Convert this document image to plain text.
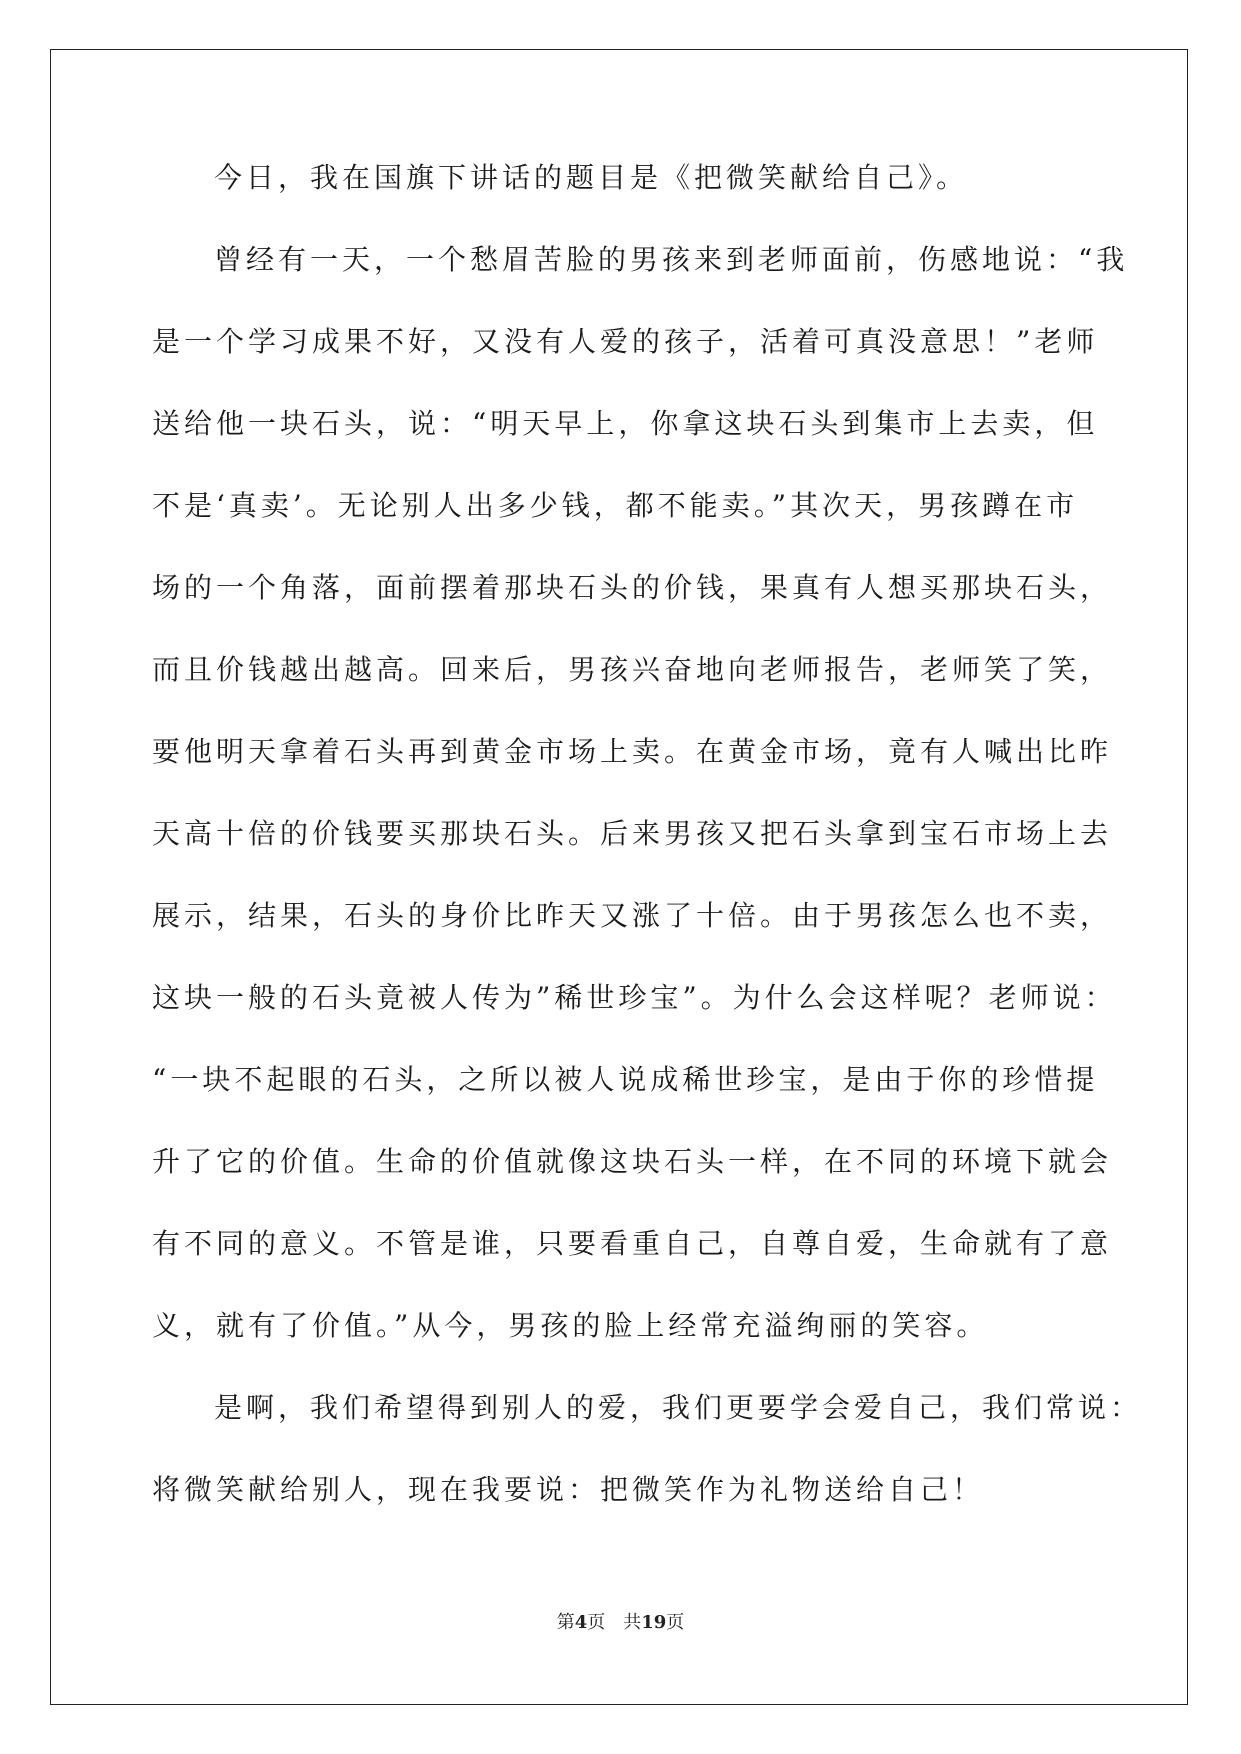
今日，我在国旗下讲话的题目是《把微笑献给自己》。
曾经有一天，一个愁眉苦脸的男孩来到老师面前，伤感地说：“我
是一个学习成果不好，又没有人爱的孩子，活着可真没意思！”老师
送给他一块石头，说：“明天早上，你拿这块石头到集市上去卖，但
不是‘真卖’。无论别人出多少钱，都不能卖。”其次天，男孩蹲在市
场的一个角落，面前摆着那块石头的价钱，果真有人想买那块石头，
而且价钱越出越高。回来后，男孩兴奋地向老师报告，老师笑了笑，
要他明天拿着石头再到黄金市场上卖。在黄金市场，竟有人喊出比昨
天高十倍的价钱要买那块石头。后来男孩又把石头拿到宝石市场上去
展示，结果，石头的身价比昨天又涨了十倍。由于男孩怎么也不卖，
这块一般的石头竟被人传为”稀世珍宝”。为什么会这样呢？老师说：
“一块不起眼的石头，之所以被人说成稀世珍宝，是由于你的珍惜提
升了它的价值。生命的价值就像这块石头一样，在不同的环境下就会
有不同的意义。不管是谁，只要看重自己，自尊自爱，生命就有了意
义，就有了价值。”从今，男孩的脸上经常充溢绚丽的笑容。
是啊，我们希望得到别人的爱，我们更要学会爱自己，我们常说：
将微笑献给别人，现在我要说：把微笑作为礼物送给自己！
第4页 共19页
